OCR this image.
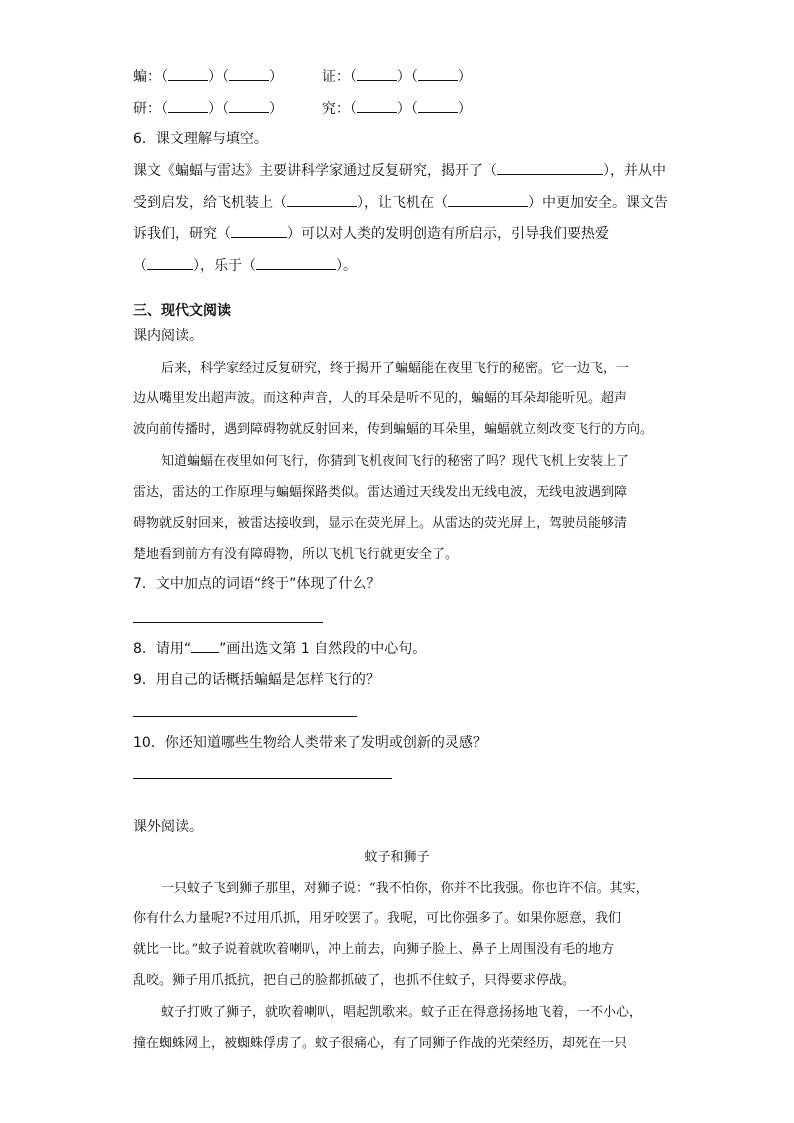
蝙：（	）（	）	证：（	）（	）
研：（	）（	）	究：（	）（	）
6．课文理解与填空。
课文《蝙蝠与雷达》主要讲科学家通过反复研究，揭开了（	），并从中
受到启发，给飞机装上（	），让飞机在（	）中更加安全。课文告
诉我们，研究（	）可以对人类的发明创造有所启示，引导我们要热爱
（	），乐于（	）。
三、现代文阅读
课内阅读。
后来，科学家经过反复研究，终于揭开了蝙蝠能在夜里飞行的秘密。它一边飞，一
边从嘴里发出超声波。而这种声音，人的耳朵是听不见的，蝙蝠的耳朵却能听见。超声
波向前传播时，遇到障碍物就反射回来，传到蝙蝠的耳朵里，蝙蝠就立刻改变飞行的方向。
知道蝙蝠在夜里如何飞行，你猜到飞机夜间飞行的秘密了吗？现代飞机上安装上了
雷达，雷达的工作原理与蝙蝠探路类似。雷达通过天线发出无线电波，无线电波遇到障
碍物就反射回来，被雷达接收到，显示在荧光屏上。从雷达的荧光屏上，驾驶员能够清
楚地看到前方有没有障碍物，所以飞机飞行就更安全了。
7．文中加点的词语“终于”体现了什么？
8．请用“ ”画出选文第 1 自然段的中心句。
9．用自己的话概括蝙蝠是怎样飞行的？
10．你还知道哪些生物给人类带来了发明或创新的灵感？
课外阅读。
蚊子和狮子
一只蚊子飞到狮子那里，对狮子说：“我不怕你，你并不比我强。你也许不信。其实，
你有什么力量呢?不过用爪抓，用牙咬罢了。我呢，可比你强多了。如果你愿意，我们
就比一比。”蚊子说着就吹着喇叭，冲上前去，向狮子脸上、鼻子上周围没有毛的地方
乱咬。狮子用爪抵抗，把自己的脸都抓破了，也抓不住蚊子，只得要求停战。
蚊子打败了狮子，就吹着喇叭，唱起凯歌来。蚊子正在得意扬扬地飞着，一不小心，
撞在蜘蛛网上，被蜘蛛俘虏了。蚊子很痛心，有了同狮子作战的光荣经历，却死在一只
